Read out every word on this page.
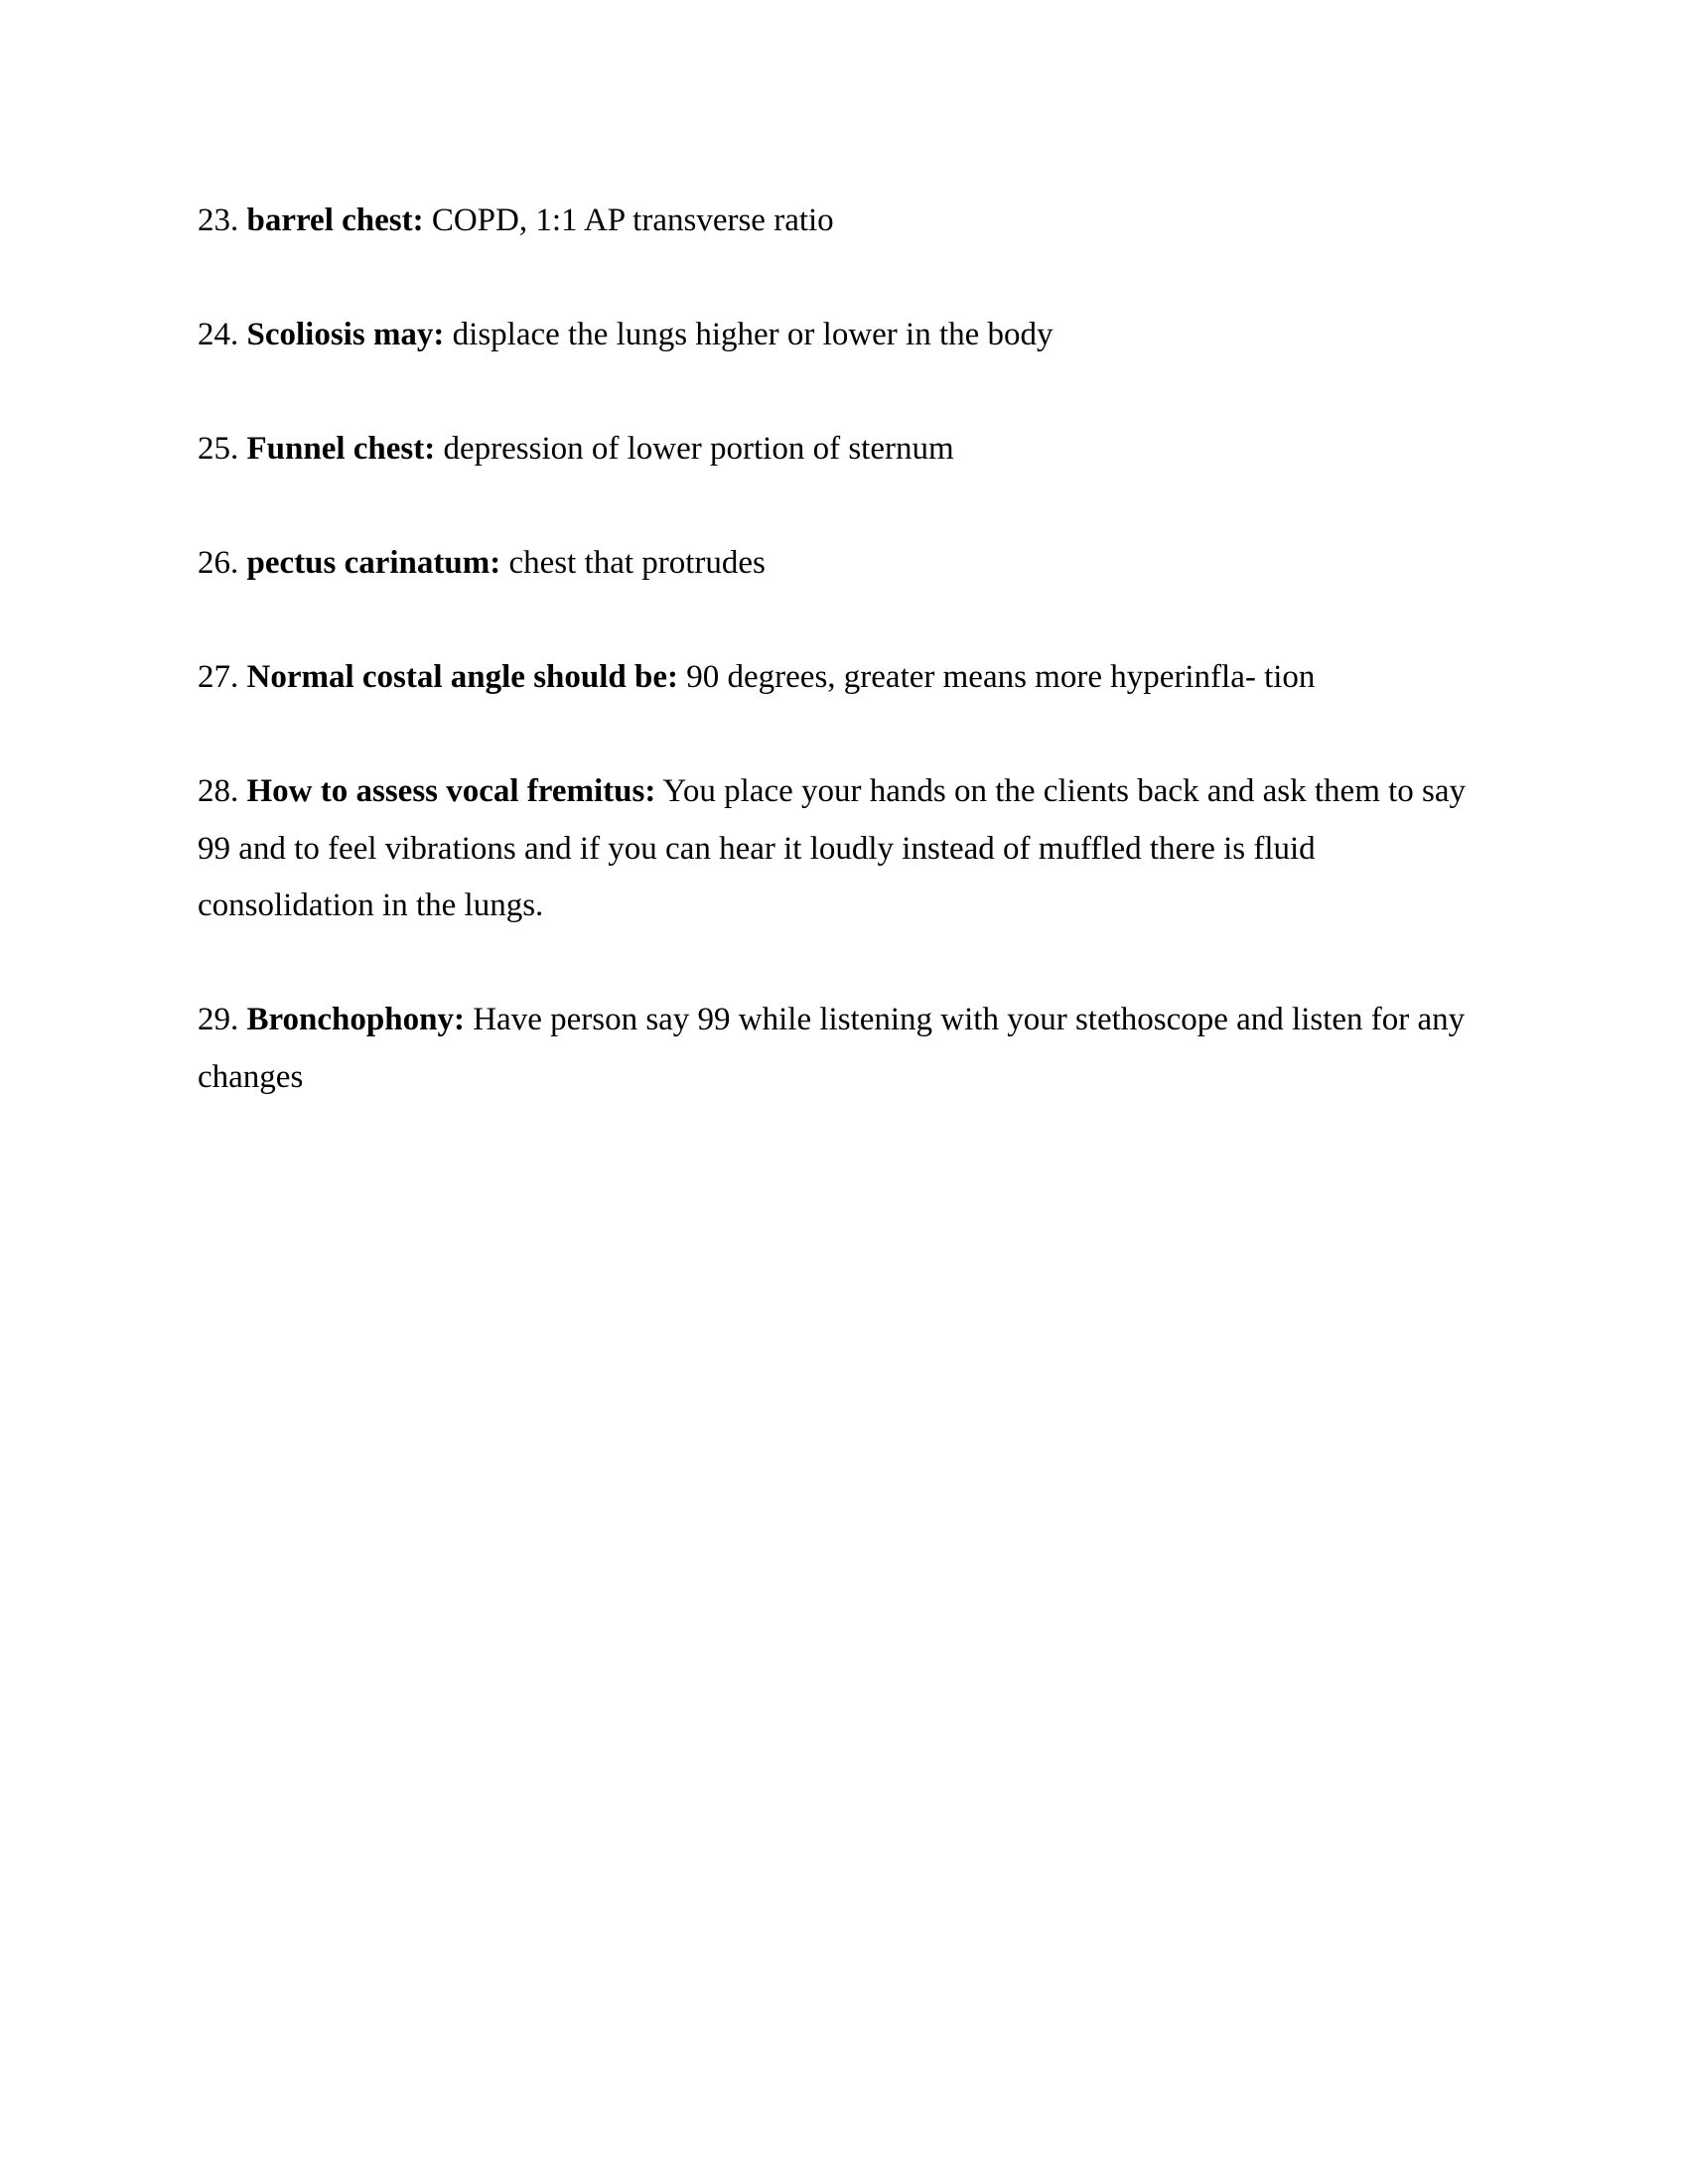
23. barrel chest: COPD, 1:1 AP transverse ratio
24. Scoliosis may: displace the lungs higher or lower in the body
25. Funnel chest: depression of lower portion of sternum
26. pectus carinatum: chest that protrudes
27. Normal costal angle should be: 90 degrees, greater means more hyperinfla- tion
28. How to assess vocal fremitus: You place your hands on the clients back and ask them to say 99 and to feel vibrations and if you can hear it loudly instead of muffled there is fluid consolidation in the lungs.
29. Bronchophony: Have person say 99 while listening with your stethoscope and listen for any changes
